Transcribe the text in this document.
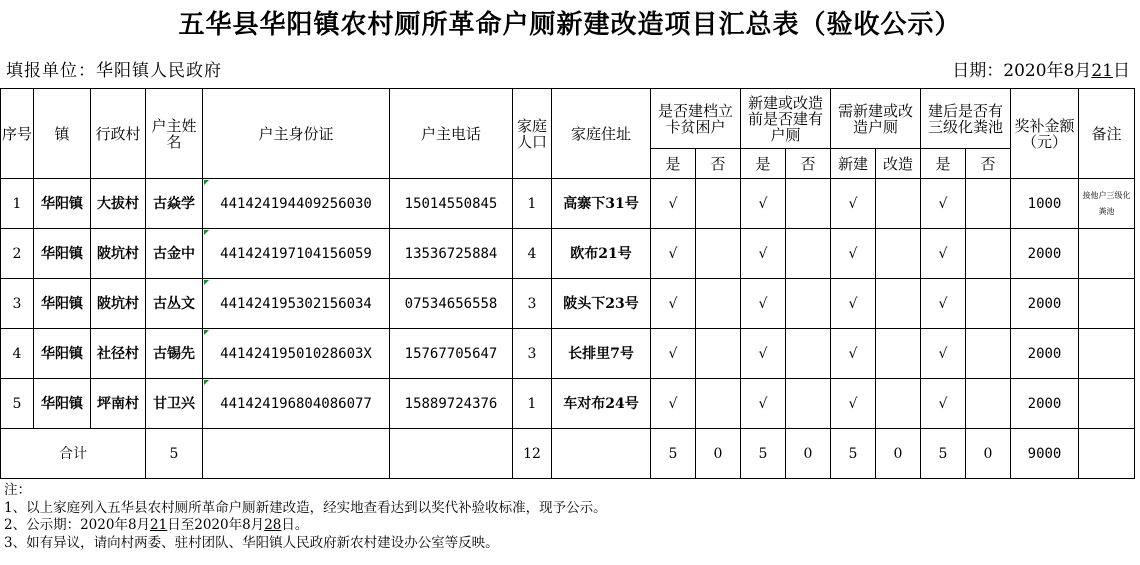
五华县华阳镇农村厕所革命户厕新建改造项目汇总表（验收公示）
填报单位：华阳镇人民政府	日期：2020年8月21日
序号	镇	行政村	户主姓名	户主身份证	户主电话	家庭人口	家庭住址	是否建档立卡贫困户		新建或改造前是否建有户厕		需新建或改造户厕		建后是否有三级化粪池		奖补金额（元）	备注
								是	否	是	否	新建	改造	是	否		
1	华阳镇	大拔村	古焱学	441424194409256030	15014550845	1	高寨下31号	√		√		√		√		1000	接他户三级化粪池
2	华阳镇	陂坑村	古金中	441424197104156059	13536725884	4	欧布21号	√		√		√		√		2000	
3	华阳镇	陂坑村	古丛文	441424195302156034	07534656558	3	陂头下23号	√		√		√		√		2000	
4	华阳镇	社径村	古锡先	44142419501028603X	15767705647	3	长排里7号	√		√		√		√		2000	
5	华阳镇	坪南村	甘卫兴	441424196804086077	15889724376	1	车对布24号	√		√		√		√		2000	
合计			5			12		5	0	5	0	5	0	5	0	9000	
注：
1、以上家庭列入五华县农村厕所革命户厕新建改造，经实地查看达到以奖代补验收标准，现予公示。
2、公示期：2020年8月21日至2020年8月28日。
3、如有异议，请向村两委、驻村团队、华阳镇人民政府新农村建设办公室等反映。
